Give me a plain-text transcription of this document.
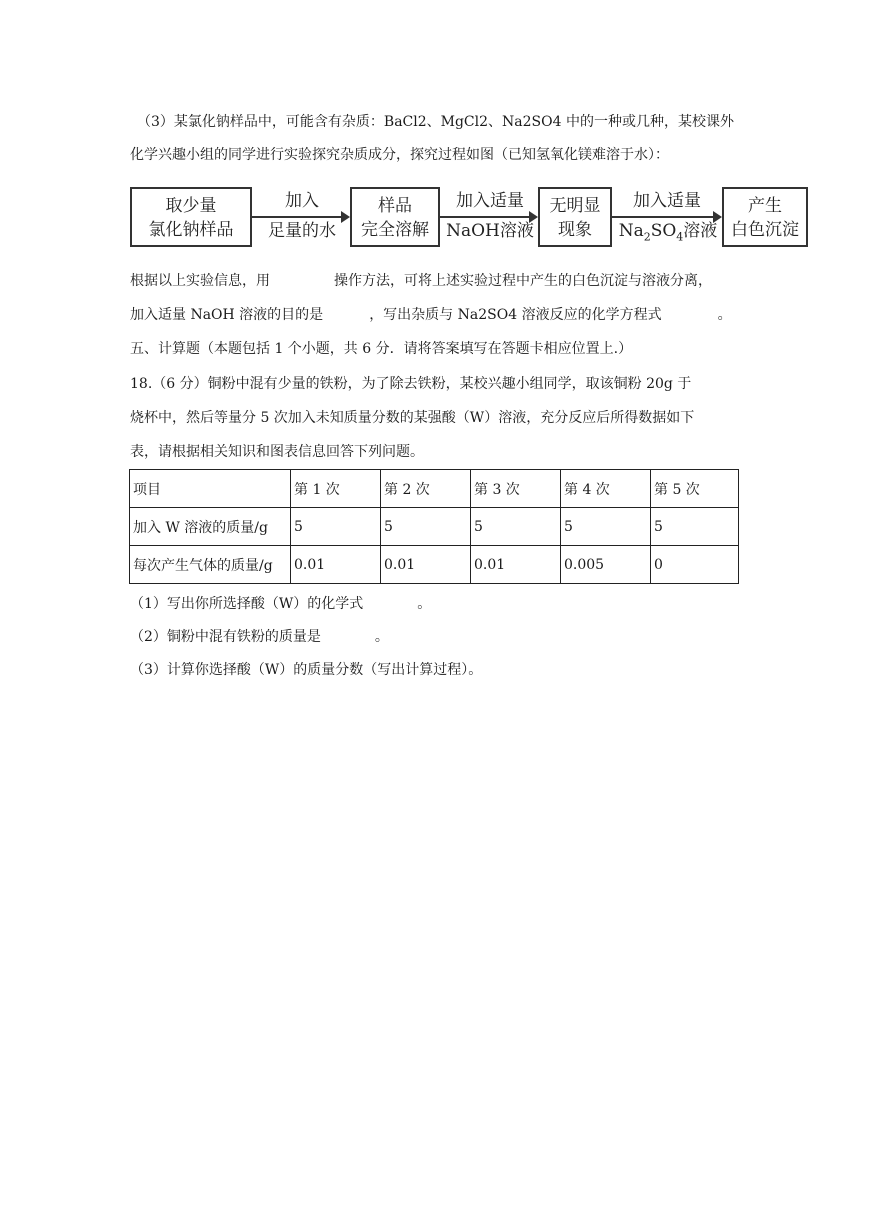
（3）某氯化钠样品中，可能含有杂质：BaCl2、MgCl2、Na2SO4 中的一种或几种，某校课外
化学兴趣小组的同学进行实验探究杂质成分，探究过程如图（已知氢氧化镁难溶于水）：
取少量
氯化钠样品
加入
足量的水
样品
完全溶解
加入适量
NaOH溶液
无明显
现象
加入适量
$Na_2SO_4$溶液
产生
白色沉淀
根据以上实验信息，用	操作方法，可将上述实验过程中产生的白色沉淀与溶液分离，
加入适量 NaOH 溶液的目的是	，写出杂质与 Na2SO4 溶液反应的化学方程式	。
五、计算题（本题包括 1 个小题，共 6 分．请将答案填写在答题卡相应位置上.）
18.（6 分）铜粉中混有少量的铁粉，为了除去铁粉，某校兴趣小组同学，取该铜粉 20g 于
烧杯中，然后等量分 5 次加入未知质量分数的某强酸（W）溶液，充分反应后所得数据如下
表，请根据相关知识和图表信息回答下列问题。
项目	第 1 次	第 2 次	第 3 次	第 4 次	第 5 次
加入 W 溶液的质量/g	5	5	5	5	5
每次产生气体的质量/g	0.01	0.01	0.01	0.005	0
（1）写出你所选择酸（W）的化学式	。
（2）铜粉中混有铁粉的质量是	。
（3）计算你选择酸（W）的质量分数（写出计算过程）。
